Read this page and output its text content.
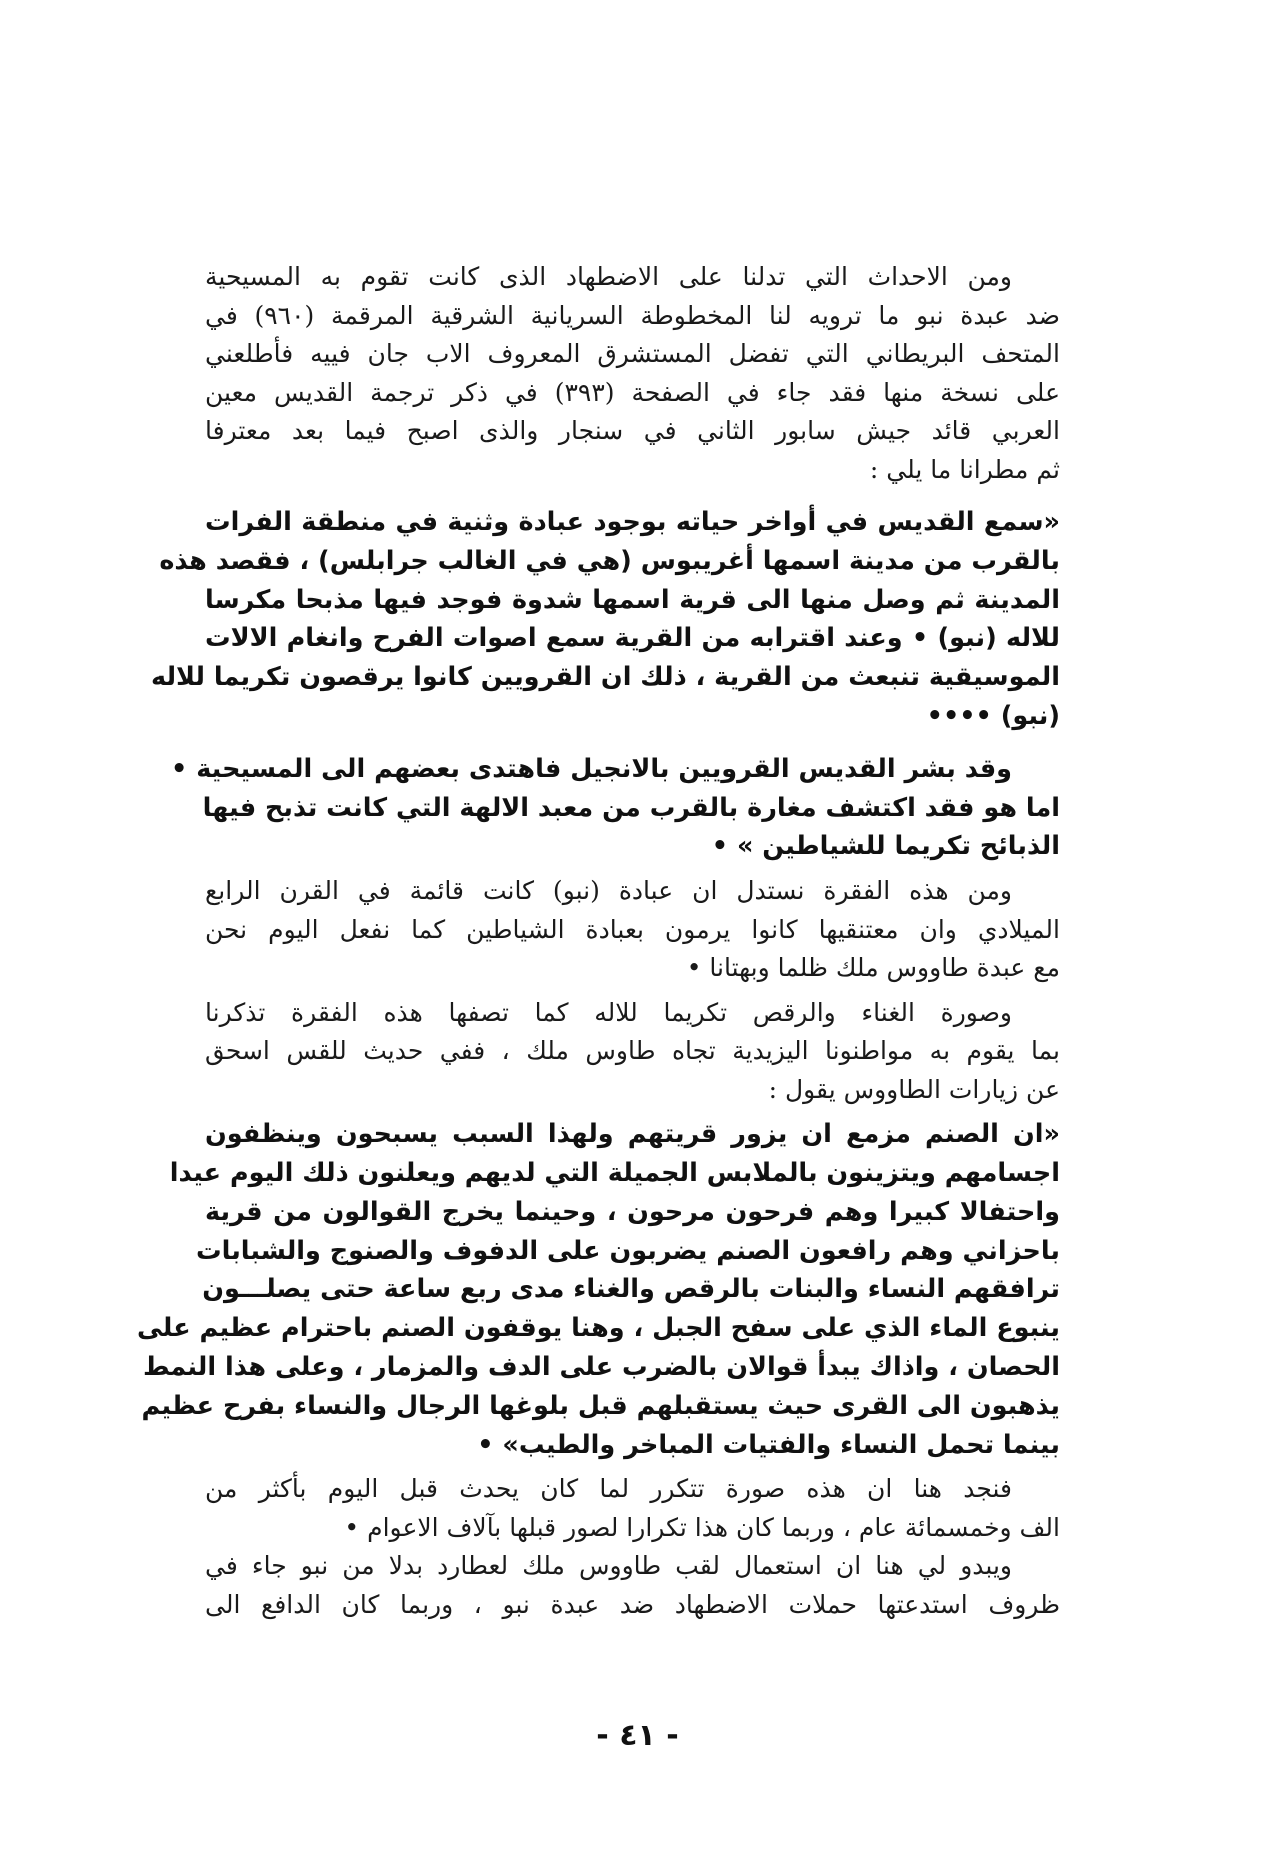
ومن الاحداث التي تدلنا على الاضطهاد الذى كانت تقوم به المسيحية
ضد عبدة نبو ما ترويه لنا المخطوطة السريانية الشرقية المرقمة (٩٦٠) في
المتحف البريطاني التي تفضل المستشرق المعروف الاب جان فييه فأطلعني
على نسخة منها فقد جاء في الصفحة (٣٩٣) في ذكر ترجمة القديس معين
العربي قائد جيش سابور الثاني في سنجار والذى اصبح فيما بعد معترفا
ثم مطرانا ما يلي :
«سمع القديس في أواخر حياته بوجود عبادة وثنية في منطقة الفرات
بالقرب من مدينة اسمها أغريبوس (هي في الغالب جرابلس) ، فقصد هذه
المدينة ثم وصل منها الى قرية اسمها شدوة فوجد فيها مذبحا مكرسا
للاله (نبو) • وعند اقترابه من القرية سمع اصوات الفرح وانغام الالات
الموسيقية تنبعث من القرية ، ذلك ان القرويين كانوا يرقصون تكريما للاله
(نبو) ••••
وقد بشر القديس القرويين بالانجيل فاهتدى بعضهم الى المسيحية •
اما هو فقد اكتشف مغارة بالقرب من معبد الالهة التي كانت تذبح فيها
الذبائح تكريما للشياطين » •
ومن هذه الفقرة نستدل ان عبادة (نبو) كانت قائمة في القرن الرابع
الميلادي وان معتنقيها كانوا يرمون بعبادة الشياطين كما نفعل اليوم نحن
مع عبدة طاووس ملك ظلما وبهتانا •
وصورة الغناء والرقص تكريما للاله كما تصفها هذه الفقرة تذكرنا
بما يقوم به مواطنونا اليزيدية تجاه طاوس ملك ، ففي حديث للقس اسحق
عن زيارات الطاووس يقول :
«ان الصنم مزمع ان يزور قريتهم ولهذا السبب يسبحون وينظفون
اجسامهم ويتزينون بالملابس الجميلة التي لديهم ويعلنون ذلك اليوم عيدا
واحتفالا كبيرا وهم فرحون مرحون ، وحينما يخرج القوالون من قرية
باحزاني وهم رافعون الصنم يضربون على الدفوف والصنوج والشبابات
ترافقهم النساء والبنات بالرقص والغناء مدى ربع ساعة حتى يصلـــون
ينبوع الماء الذي على سفح الجبل ، وهنا يوقفون الصنم باحترام عظيم على
الحصان ، واذاك يبدأ قوالان بالضرب على الدف والمزمار ، وعلى هذا النمط
يذهبون الى القرى حيث يستقبلهم قبل بلوغها الرجال والنساء بفرح عظيم
بينما تحمل النساء والفتيات المباخر والطيب» •
فنجد هنا ان هذه صورة تتكرر لما كان يحدث قبل اليوم بأكثر من
الف وخمسمائة عام ، وربما كان هذا تكرارا لصور قبلها بآلاف الاعوام •
ويبدو لي هنا ان استعمال لقب طاووس ملك لعطارد بدلا من نبو جاء في
ظروف استدعتها حملات الاضطهاد ضد عبدة نبو ، وربما كان الدافع الى
- ٤١ -
